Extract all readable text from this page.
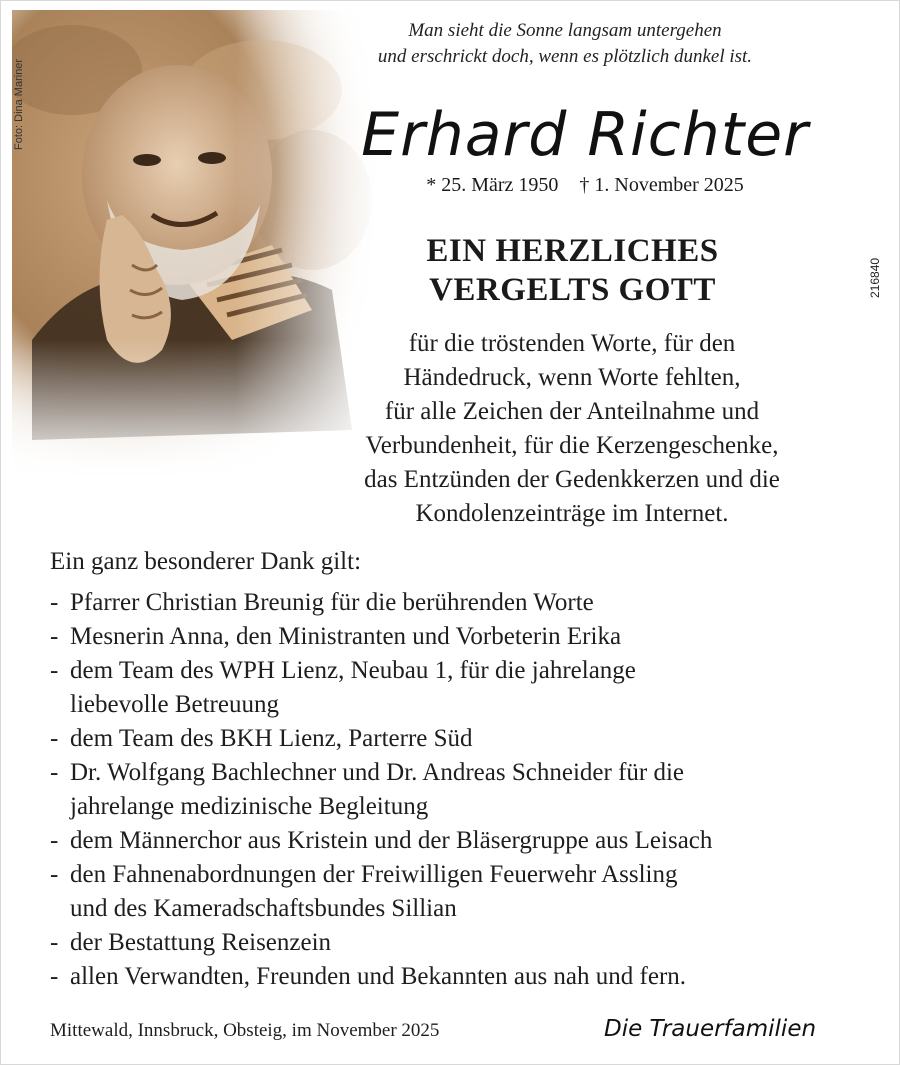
Foto: Dina Mariner
216840
Man sieht die Sonne langsam untergehen
und erschrickt doch, wenn es plötzlich dunkel ist.
Erhard Richter
* 25. März 1950 † 1. November 2025
EIN HERZLICHES
VERGELTS GOTT
für die tröstenden Worte, für den
Händedruck, wenn Worte fehlten,
für alle Zeichen der Anteilnahme und
Verbundenheit, für die Kerzengeschenke,
das Entzünden der Gedenkkerzen und die
Kondolenzeinträge im Internet.
Ein ganz besonderer Dank gilt:
- Pfarrer Christian Breunig für die berührenden Worte
- Mesnerin Anna, den Ministranten und Vorbeterin Erika
- dem Team des WPH Lienz, Neubau 1, für die jahrelange
liebevolle Betreuung
- dem Team des BKH Lienz, Parterre Süd
- Dr. Wolfgang Bachlechner und Dr. Andreas Schneider für die
jahrelange medizinische Begleitung
- dem Männerchor aus Kristein und der Bläsergruppe aus Leisach
- den Fahnenabordnungen der Freiwilligen Feuerwehr Assling
und des Kameradschaftsbundes Sillian
- der Bestattung Reisenzein
- allen Verwandten, Freunden und Bekannten aus nah und fern.
Mittewald, Innsbruck, Obsteig, im November 2025	Die Trauerfamilien
